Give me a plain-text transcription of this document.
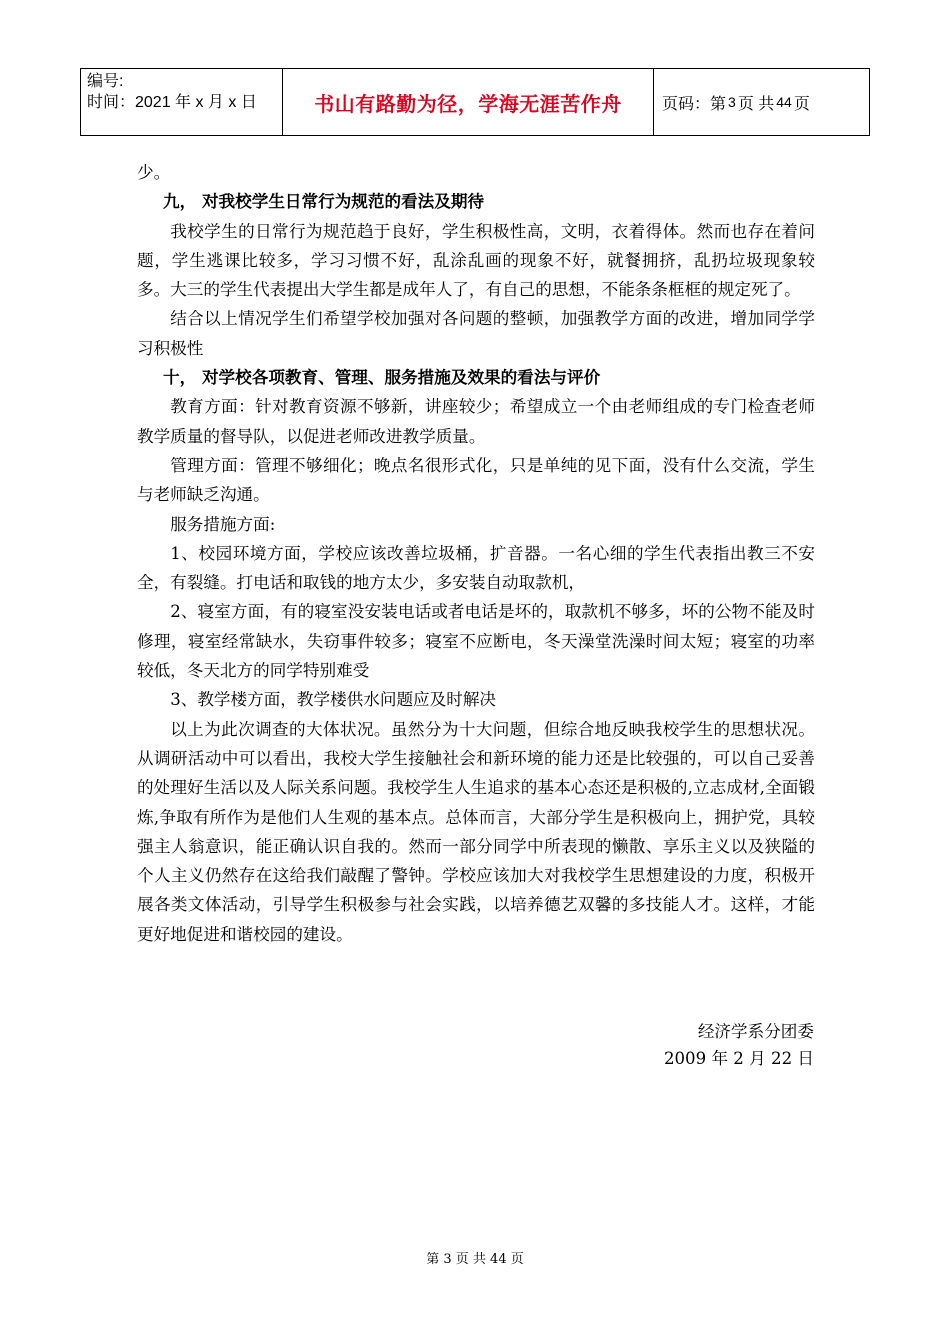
编号:
时间：2021 年 x 月 x 日	书山有路勤为径，学海无涯苦作舟	页码：第 3 页 共 44 页

少。

九， 对我校学生日常行为规范的看法及期待

我校学生的日常行为规范趋于良好，学生积极性高，文明，衣着得体。然而也存在着问题，学生逃课比较多，学习习惯不好，乱涂乱画的现象不好，就餐拥挤，乱扔垃圾现象较多。大三的学生代表提出大学生都是成年人了，有自己的思想，不能条条框框的规定死了。

结合以上情况学生们希望学校加强对各问题的整顿，加强教学方面的改进，增加同学学习积极性

十， 对学校各项教育、管理、服务措施及效果的看法与评价

教育方面：针对教育资源不够新，讲座较少；希望成立一个由老师组成的专门检查老师教学质量的督导队，以促进老师改进教学质量。

管理方面：管理不够细化；晚点名很形式化，只是单纯的见下面，没有什么交流，学生与老师缺乏沟通。

服务措施方面:

1、校园环境方面，学校应该改善垃圾桶，扩音器。一名心细的学生代表指出教三不安全，有裂缝。打电话和取钱的地方太少，多安装自动取款机，

2、寝室方面，有的寝室没安装电话或者电话是坏的，取款机不够多，坏的公物不能及时修理，寝室经常缺水，失窃事件较多；寝室不应断电，冬天澡堂洗澡时间太短；寝室的功率较低，冬天北方的同学特别难受

3、教学楼方面，教学楼供水问题应及时解决

以上为此次调查的大体状况。虽然分为十大问题，但综合地反映我校学生的思想状况。从调研活动中可以看出，我校大学生接触社会和新环境的能力还是比较强的，可以自己妥善的处理好生活以及人际关系问题。我校学生人生追求的基本心态还是积极的,立志成材,全面锻炼,争取有所作为是他们人生观的基本点。总体而言，大部分学生是积极向上，拥护党，具较强主人翁意识，能正确认识自我的。然而一部分同学中所表现的懒散、享乐主义以及狭隘的个人主义仍然存在这给我们敲醒了警钟。学校应该加大对我校学生思想建设的力度，积极开展各类文体活动，引导学生积极参与社会实践，以培养德艺双馨的多技能人才。这样，才能更好地促进和谐校园的建设。

经济学系分团委
2009 年 2 月 22 日
第 3 页 共 44 页
